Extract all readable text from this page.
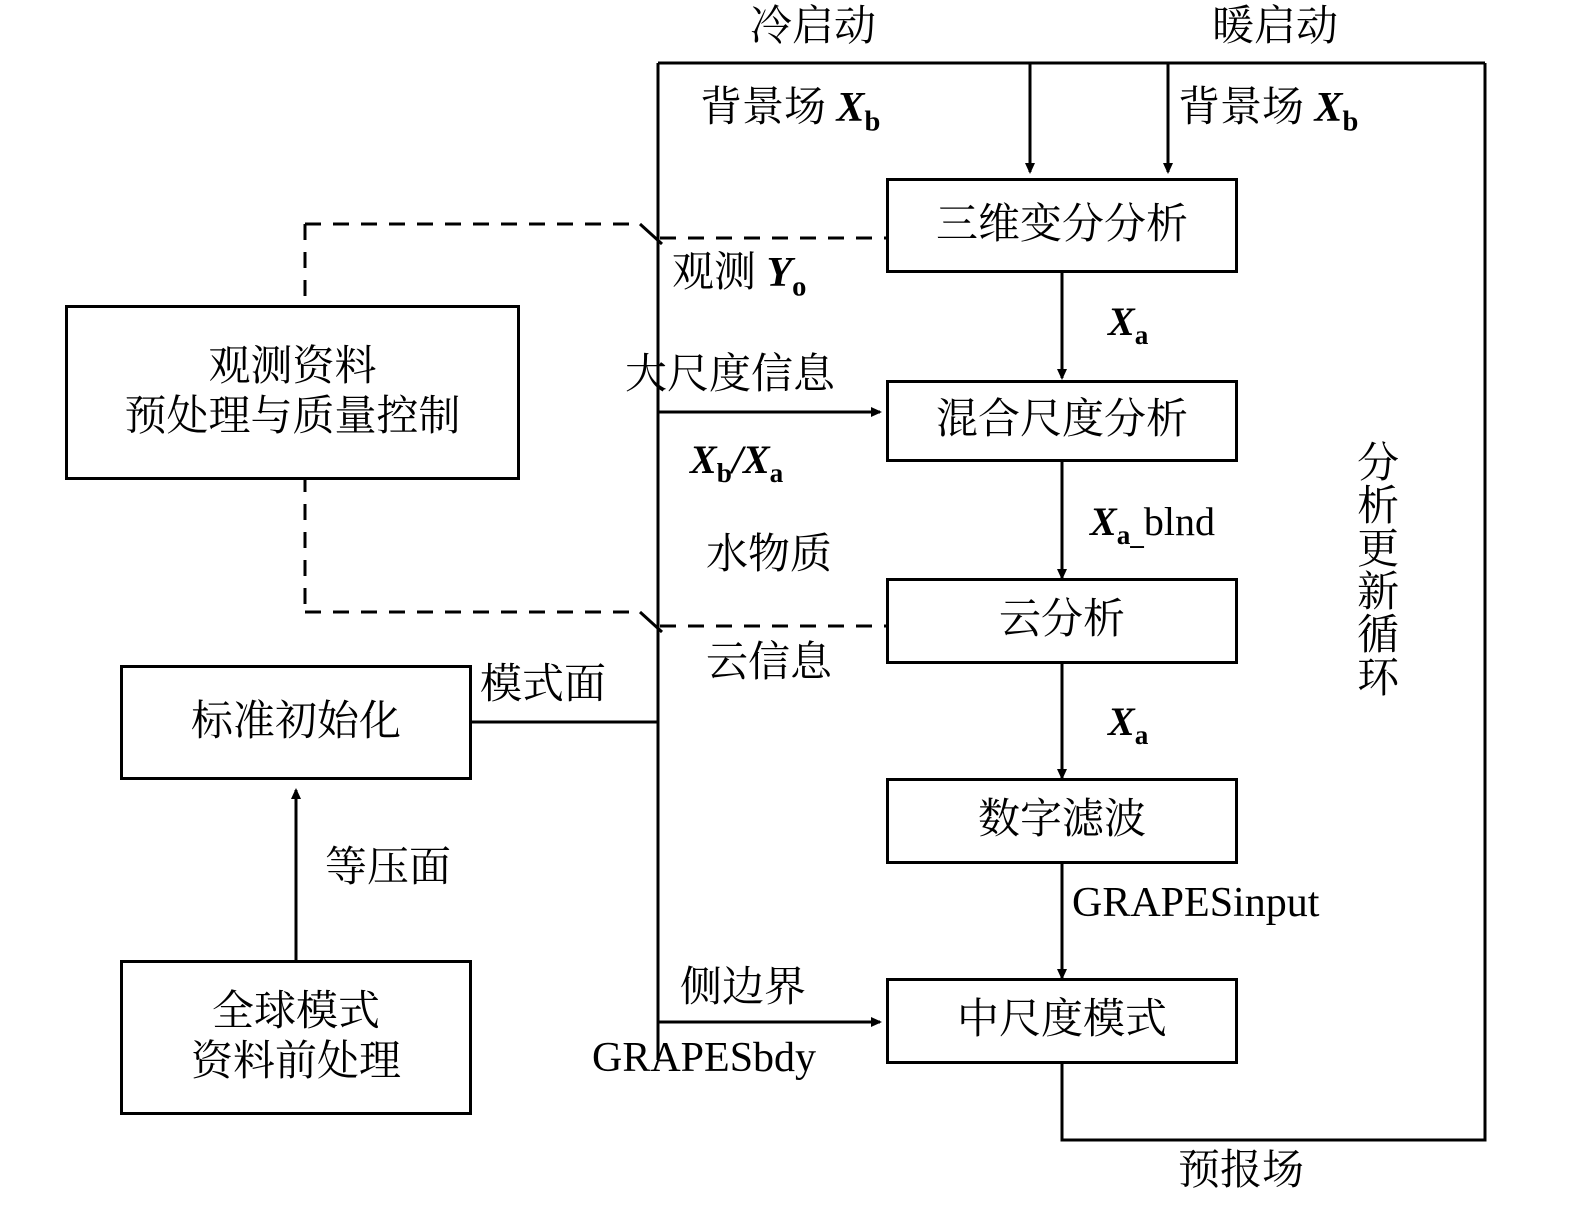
观测资料
预处理与质量控制
标准初始化
全球模式
资料前处理
三维变分分析
混合尺度分析
云分析
数字滤波
中尺度模式
冷启动	暖启动
背景场 $X_b$	背景场 $X_b$
观测 $Y_o$
大尺度信息
$X_b/X_a$
水物质
云信息
模式面
等压面
侧边界
GRAPESbdy
GRAPESinput
预报场
$X_a$
$X_{a\_}blnd$
$X_a$
分析更新循环
